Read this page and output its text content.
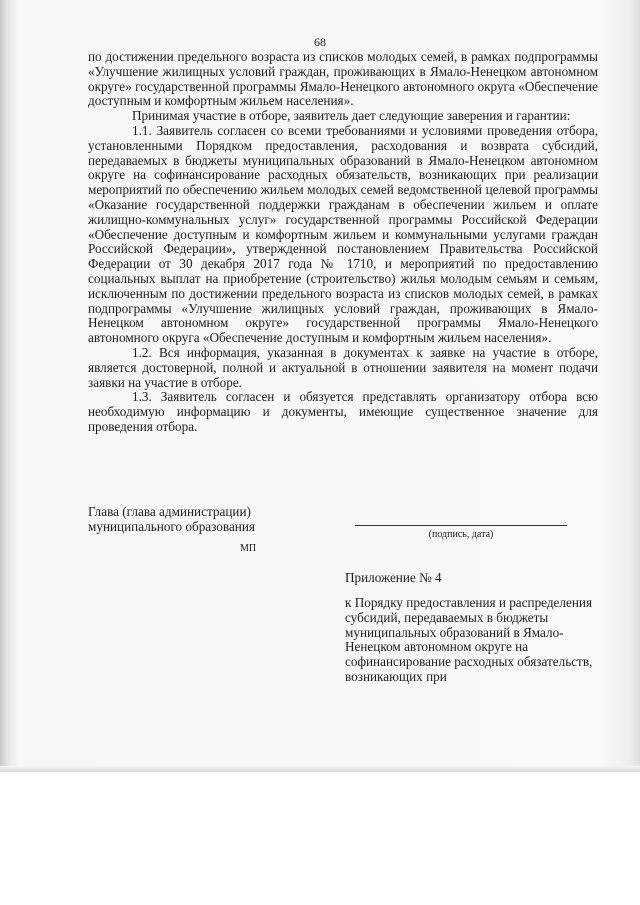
68

по достижении предельного возраста из списков молодых семей, в рамках подпрограммы «Улучшение жилищных условий граждан, проживающих в Ямало-Ненецком автономном округе» государственной программы Ямало-Ненецкого автономного округа «Обеспечение доступным и комфортным жильем населения».

Принимая участие в отборе, заявитель дает следующие заверения и гарантии:

1.1. Заявитель согласен со всеми требованиями и условиями проведения отбора, установленными Порядком предоставления, расходования и возврата субсидий, передаваемых в бюджеты муниципальных образований в Ямало-Ненецком автономном округе на софинансирование расходных обязательств, возникающих при реализации мероприятий по обеспечению жильем молодых семей ведомственной целевой программы «Оказание государственной поддержки гражданам в обеспечении жильем и оплате жилищно-коммунальных услуг» государственной программы Российской Федерации «Обеспечение доступным и комфортным жильем и коммунальными услугами граждан Российской Федерации», утвержденной постановлением Правительства Российской Федерации от 30 декабря 2017 года № 1710, и мероприятий по предоставлению социальных выплат на приобретение (строительство) жилья молодым семьям и семьям, исключенным по достижении предельного возраста из списков молодых семей, в рамках подпрограммы «Улучшение жилищных условий граждан, проживающих в Ямало-Ненецком автономном округе» государственной программы Ямало-Ненецкого автономного округа «Обеспечение доступным и комфортным жильем населения».

1.2. Вся информация, указанная в документах к заявке на участие в отборе, является достоверной, полной и актуальной в отношении заявителя на момент подачи заявки на участие в отборе.

1.3. Заявитель согласен и обязуется представлять организатору отбора всю необходимую информацию и документы, имеющие существенное значение для проведения отбора.

Глава (глава администрации)
муниципального образования
(подпись, дата)
МП
Приложение № 4
к Порядку предоставления и распределения субсидий, передаваемых в бюджеты муниципальных образований в Ямало-Ненецком автономном округе на софинансирование расходных обязательств, возникающих при
